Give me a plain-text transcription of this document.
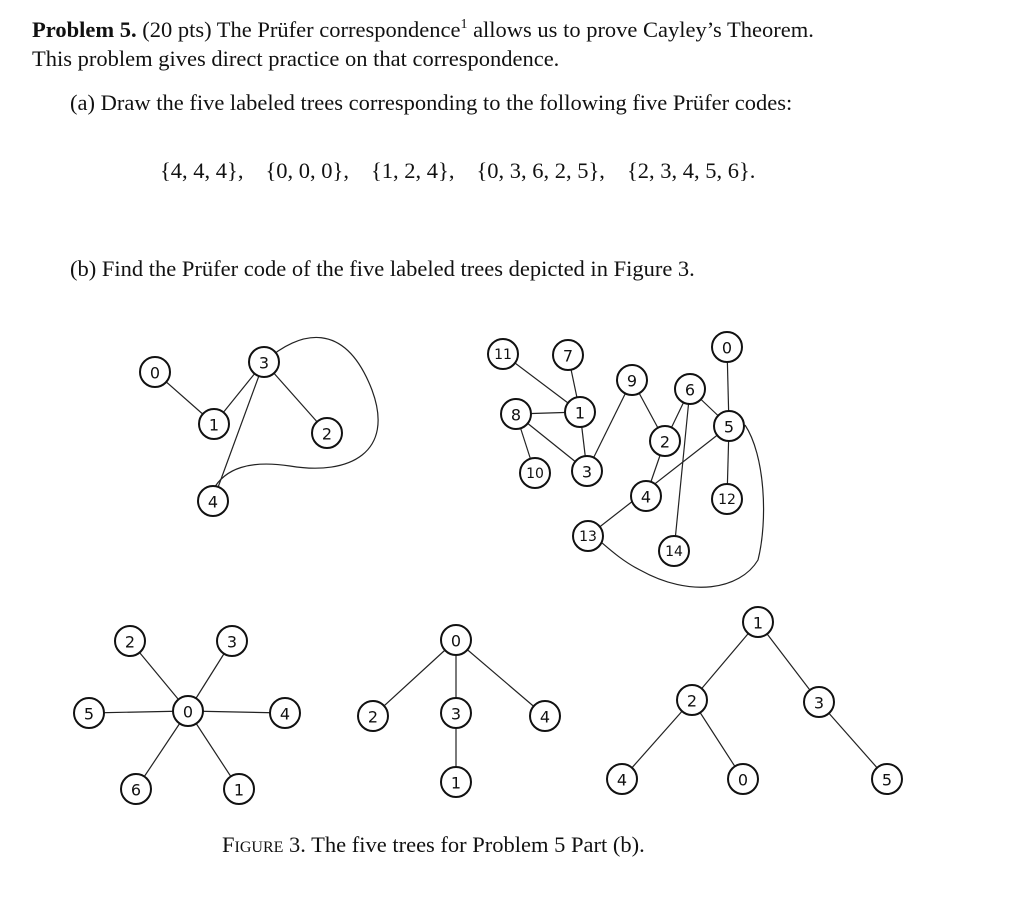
Problem 5. (20 pts) The Prüfer correspondence$^1$ allows us to prove Cayley’s Theorem.
This problem gives direct practice on that correspondence.
(a) Draw the five labeled trees corresponding to the following five Prüfer codes:
{4, 4, 4}, {0, 0, 0}, {1, 2, 4}, {0, 3, 6, 2, 5}, {2, 3, 4, 5, 6}.
(b) Find the Prüfer code of the five labeled trees depicted in Figure 3.
0
1	2
3
4
0
1
2
3
4
5
6
7
8
9
10
11
12
13
14
0
1
2	3
4
5
6
0
1
2	3	4
0
1
2	3
4	5
Figure 3. The five trees for Problem 5 Part (b).
